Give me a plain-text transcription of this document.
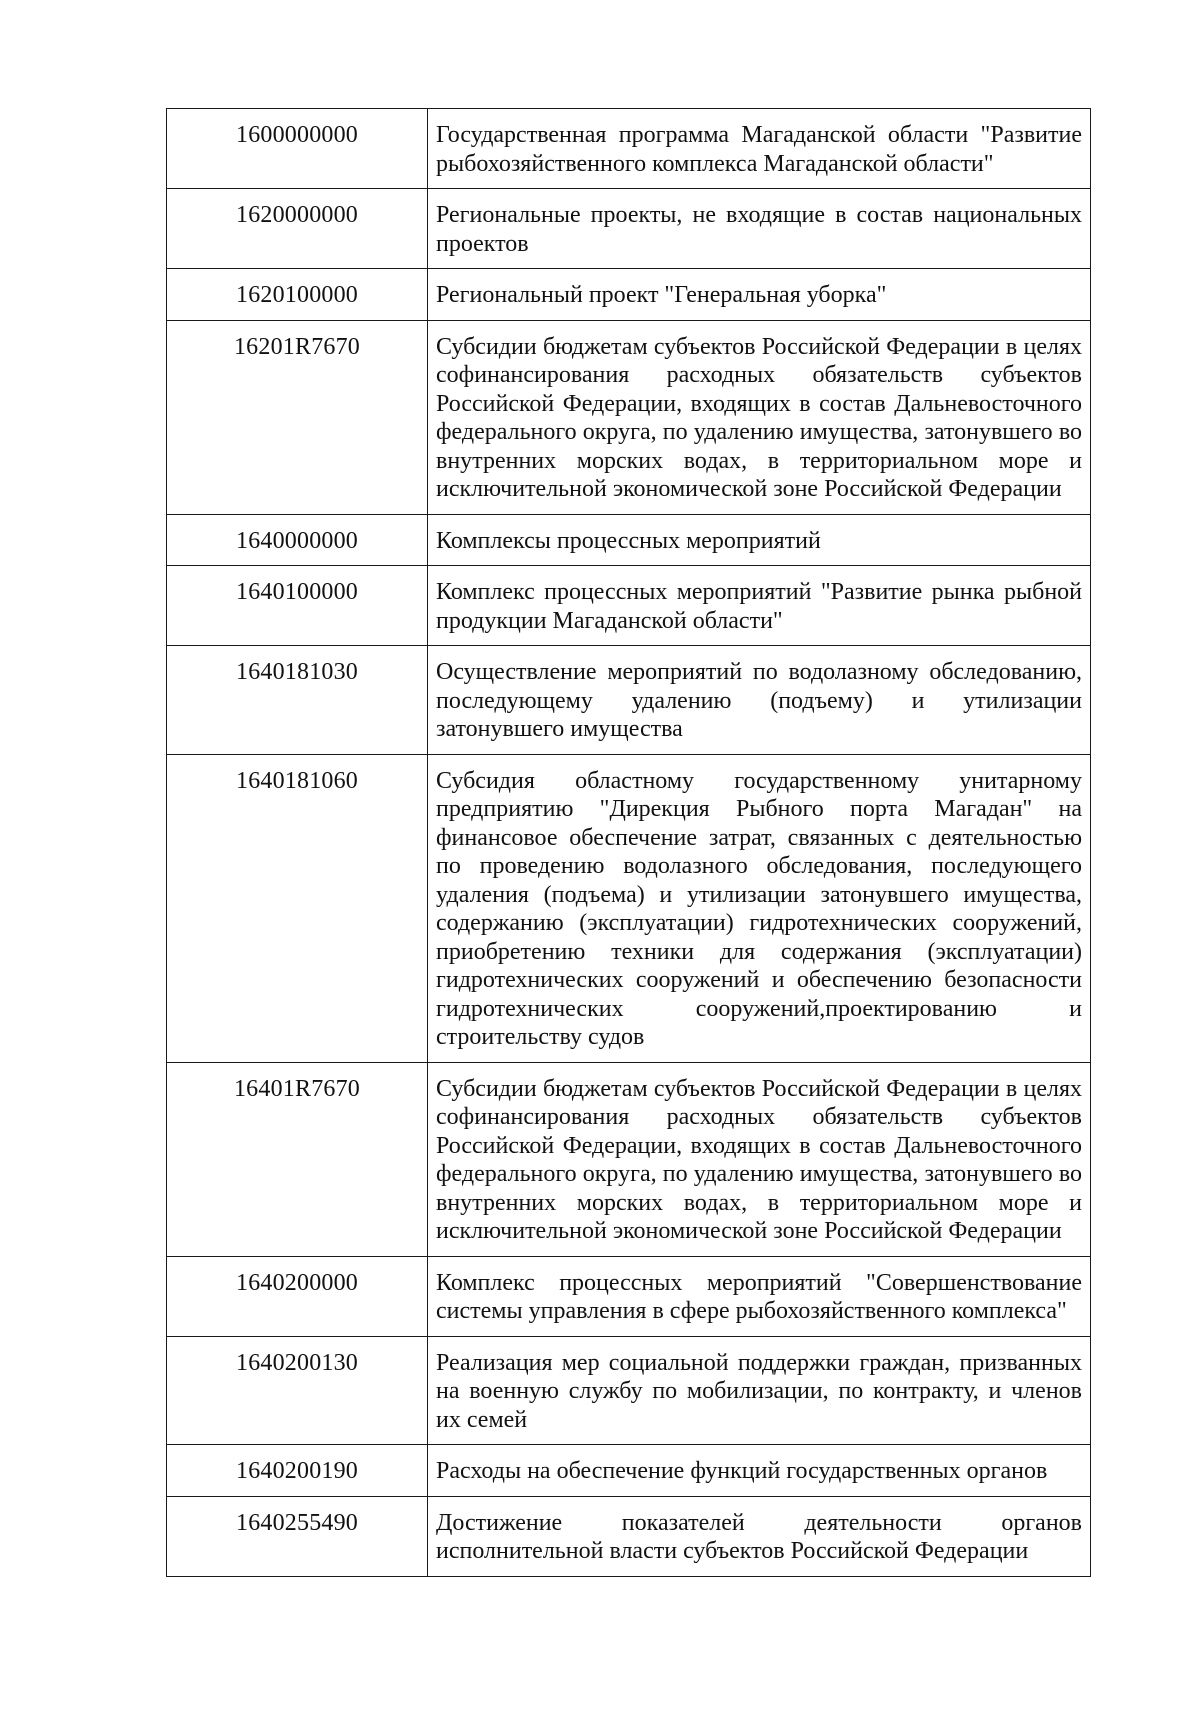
1600000000	Государственная программа Магаданской области "Развитие рыбохозяйственного комплекса Магаданской области"
1620000000	Региональные проекты, не входящие в состав национальных проектов
1620100000	Региональный проект "Генеральная уборка"
16201R7670	Субсидии бюджетам субъектов Российской Федерации в целях софинансирования расходных обязательств субъектов Российской Федерации, входящих в состав Дальневосточного федерального округа, по удалению имущества, затонувшего во внутренних морских водах, в территориальном море и исключительной экономической зоне Российской Федерации
1640000000	Комплексы процессных мероприятий
1640100000	Комплекс процессных мероприятий "Развитие рынка рыбной продукции Магаданской области"
1640181030	Осуществление мероприятий по водолазному обследованию, последующему удалению (подъему) и утилизации затонувшего имущества
1640181060	Субсидия областному государственному унитарному предприятию "Дирекция Рыбного порта Магадан" на финансовое обеспечение затрат, связанных с деятельностью по проведению водолазного обследования, последующего удаления (подъема) и утилизации затонувшего имущества, содержанию (эксплуатации) гидротехнических сооружений, приобретению техники для содержания (эксплуатации) гидротехнических сооружений и обеспечению безопасности гидротехнических сооружений,проектированию и строительству судов
16401R7670	Субсидии бюджетам субъектов Российской Федерации в целях софинансирования расходных обязательств субъектов Российской Федерации, входящих в состав Дальневосточного федерального округа, по удалению имущества, затонувшего во внутренних морских водах, в территориальном море и исключительной экономической зоне Российской Федерации
1640200000	Комплекс процессных мероприятий "Совершенствование системы управления в сфере рыбохозяйственного комплекса"
1640200130	Реализация мер социальной поддержки граждан, призванных на военную службу по мобилизации, по контракту, и членов их семей
1640200190	Расходы на обеспечение функций государственных органов
1640255490	Достижение показателей деятельности органов исполнительной власти субъектов Российской Федерации
